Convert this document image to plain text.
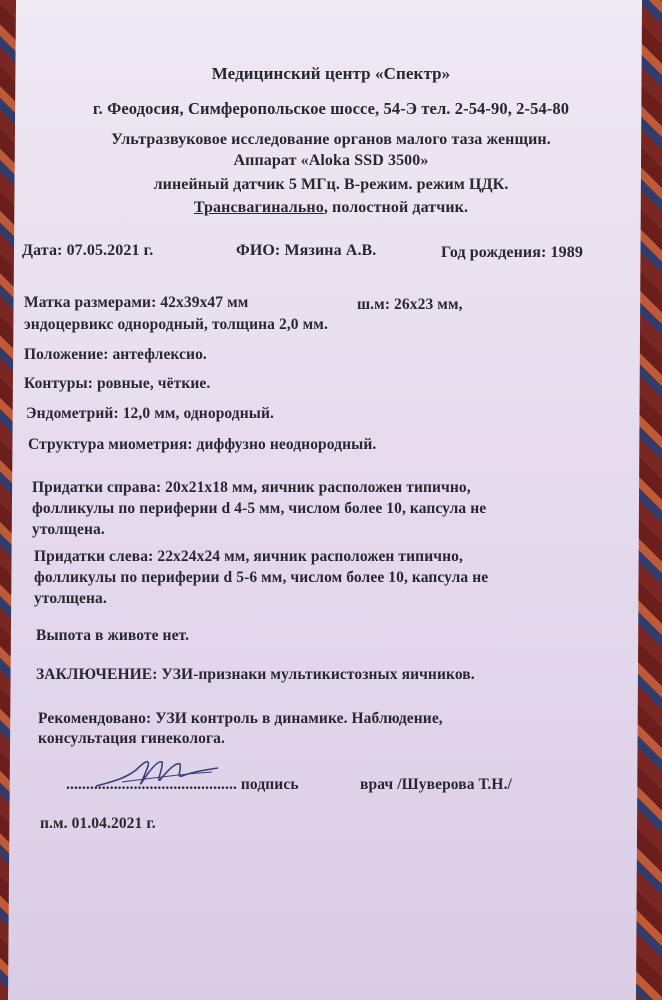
Медицинский центр «Спектр»
г. Феодосия, Симферопольское шоссе, 54-Э тел. 2-54-90, 2-54-80
Ультразвуковое исследование органов малого таза женщин.
Аппарат «Aloka SSD 3500»
линейный датчик 5 МГц. В-режим. режим ЦДК.
Трансвагинально, полостной датчик.
Дата: 07.05.2021 г.	ФИО: Мязина А.В.	Год рождения: 1989
Матка размерами: 42х39х47 мм	ш.м: 26х23 мм,
эндоцервикс однородный, толщина 2,0 мм.
Положение: антефлексио.
Контуры: ровные, чёткие.
Эндометрий: 12,0 мм, однородный.
Структура миометрия: диффузно неоднородный.
Придатки справа: 20х21х18 мм, яичник расположен типично,
фолликулы по периферии d 4-5 мм, числом более 10, капсула не
утолщена.
Придатки слева: 22х24х24 мм, яичник расположен типично,
фолликулы по периферии d 5-6 мм, числом более 10, капсула не
утолщена.
Выпота в животе нет.
ЗАКЛЮЧЕНИЕ: УЗИ-признаки мультикистозных яичников.
Рекомендовано: УЗИ контроль в динамике. Наблюдение,
консультация гинеколога.
........................................... подпись	врач /Шуверова Т.Н./
п.м. 01.04.2021 г.
